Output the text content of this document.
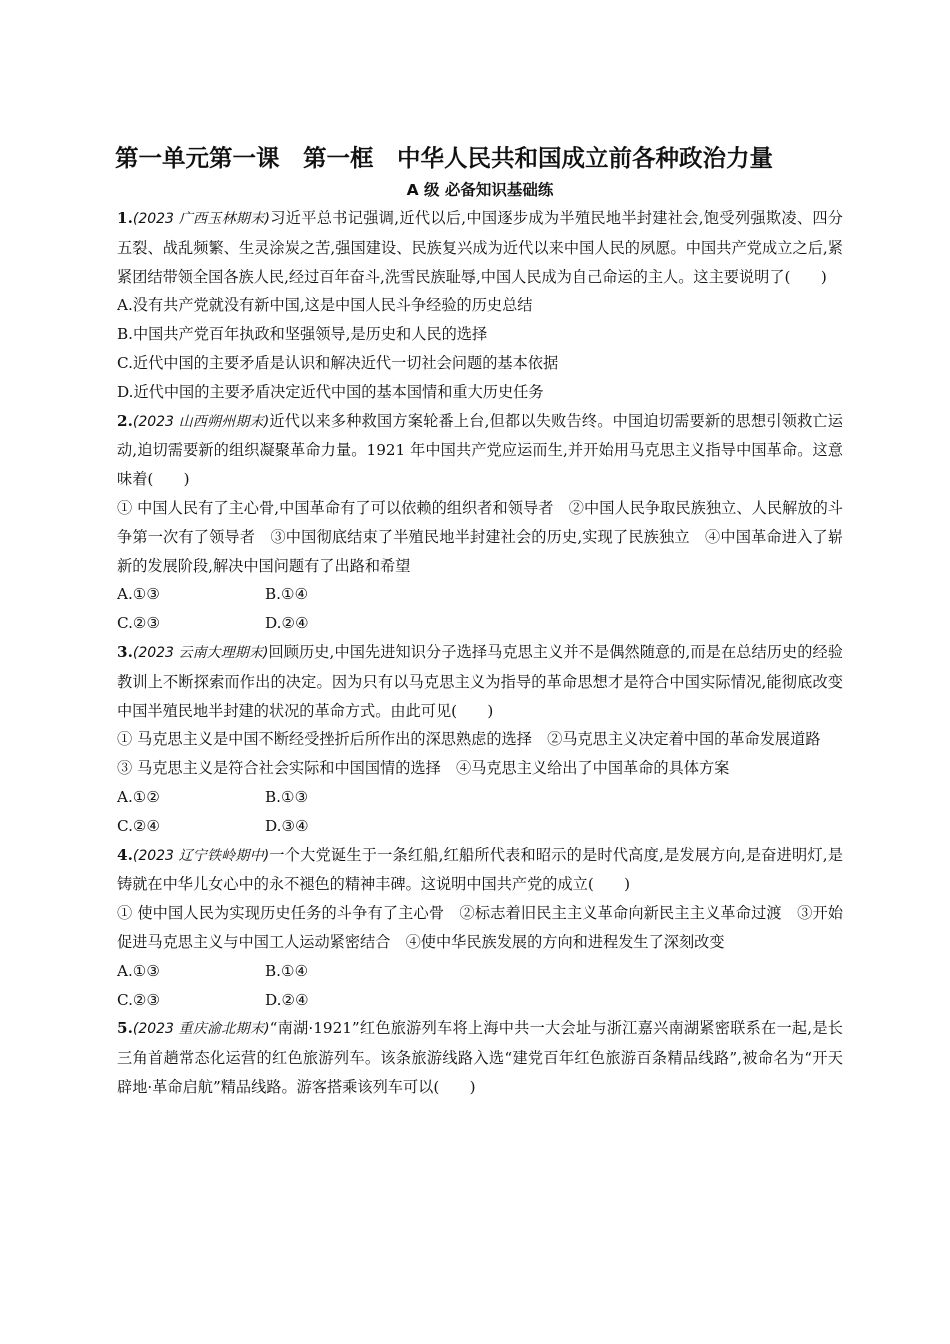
第一单元第一课　第一框　中华人民共和国成立前各种政治力量
A 级 必备知识基础练

1.(2023 广西玉林期末)习近平总书记强调,近代以后,中国逐步成为半殖民地半封建社会,饱受列强欺凌、四分五裂、战乱频繁、生灵涂炭之苦,强国建设、民族复兴成为近代以来中国人民的夙愿。中国共产党成立之后,紧紧团结带领全国各族人民,经过百年奋斗,洗雪民族耻辱,中国人民成为自己命运的主人。这主要说明了(　　)

A.没有共产党就没有新中国,这是中国人民斗争经验的历史总结

B.中国共产党百年执政和坚强领导,是历史和人民的选择

C.近代中国的主要矛盾是认识和解决近代一切社会问题的基本依据

D.近代中国的主要矛盾决定近代中国的基本国情和重大历史任务

2.(2023 山西朔州期末)近代以来多种救国方案轮番上台,但都以失败告终。中国迫切需要新的思想引领救亡运动,迫切需要新的组织凝聚革命力量。1921 年中国共产党应运而生,并开始用马克思主义指导中国革命。这意味着(　　)

① 中国人民有了主心骨,中国革命有了可以依赖的组织者和领导者　②中国人民争取民族独立、人民解放的斗争第一次有了领导者　③中国彻底结束了半殖民地半封建社会的历史,实现了民族独立　④中国革命进入了崭新的发展阶段,解决中国问题有了出路和希望

A.①③	B.①④
C.②③	D.②④

3.(2023 云南大理期末)回顾历史,中国先进知识分子选择马克思主义并不是偶然随意的,而是在总结历史的经验教训上不断探索而作出的决定。因为只有以马克思主义为指导的革命思想才是符合中国实际情况,能彻底改变中国半殖民地半封建的状况的革命方式。由此可见(　　)

① 马克思主义是中国不断经受挫折后所作出的深思熟虑的选择　②马克思主义决定着中国的革命发展道路

③ 马克思主义是符合社会实际和中国国情的选择　④马克思主义给出了中国革命的具体方案

A.①②	B.①③
C.②④	D.③④

4.(2023 辽宁铁岭期中)一个大党诞生于一条红船,红船所代表和昭示的是时代高度,是发展方向,是奋进明灯,是铸就在中华儿女心中的永不褪色的精神丰碑。这说明中国共产党的成立(　　)

① 使中国人民为实现历史任务的斗争有了主心骨　②标志着旧民主主义革命向新民主主义革命过渡　③开始促进马克思主义与中国工人运动紧密结合　④使中华民族发展的方向和进程发生了深刻改变

A.①③	B.①④
C.②③	D.②④

5.(2023 重庆渝北期末)“南湖·1921”红色旅游列车将上海中共一大会址与浙江嘉兴南湖紧密联系在一起,是长三角首趟常态化运营的红色旅游列车。该条旅游线路入选“建党百年红色旅游百条精品线路”,被命名为“开天辟地·革命启航”精品线路。游客搭乘该列车可以(　　)
